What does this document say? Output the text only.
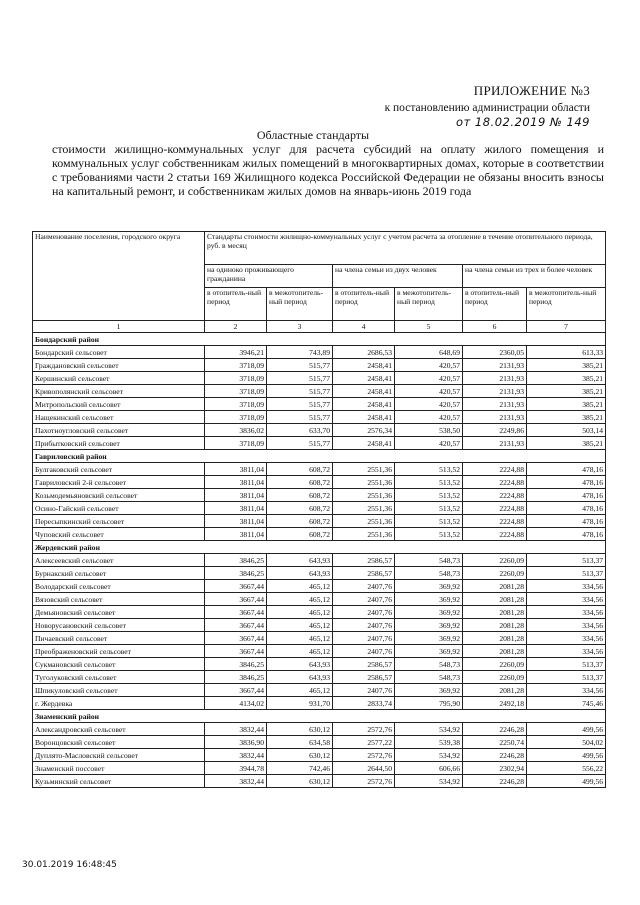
ПРИЛОЖЕНИЕ №3
к постановлению администрации области
от 18.02.2019 № 149
Областные стандарты
стоимости жилищно-коммунальных услуг для расчета субсидий на оплату жилого помещения и коммунальных услуг собственникам жилых помещений в многоквартирных домах, которые в соответствии с требованиями части 2 статьи 169 Жилищного кодекса Российской Федерации не обязаны вносить взносы на капитальный ремонт, и собственникам жилых домов на январь-июнь 2019 года
Наименование поселения, городского округа	Стандарты стоимости жилищно-коммунальных услуг с учетом расчета за отопление в течение отопительного периода, руб. в месяц					
	на одиноко проживающего гражданина		на члена семьи из двух человек		на члена семьи из трех и более человек	
	в отопитель-ный период	в межотопитель-ный период	в отопитель-ный период	в межотопитель-ный период	в отопитель-ный период	в межотопитель-ный период
1	2	3	4	5	6	7
Бондарский район						
Бондарский сельсовет	3946,21	743,89	2686,53	648,69	2360,05	613,33
Граждановский сельсовет	3718,09	515,77	2458,41	420,57	2131,93	385,21
Кершинский сельсовет	3718,09	515,77	2458,41	420,57	2131,93	385,21
Кривополянский сельсовет	3718,09	515,77	2458,41	420,57	2131,93	385,21
Митропольский сельсовет	3718,09	515,77	2458,41	420,57	2131,93	385,21
Нащекинский сельсовет	3718,09	515,77	2458,41	420,57	2131,93	385,21
Пахотноугловский сельсовет	3836,02	633,70	2576,34	538,50	2249,86	503,14
Прибытковский сельсовет	3718,09	515,77	2458,41	420,57	2131,93	385,21
Гавриловский район						
Булгаковский сельсовет	3811,04	608,72	2551,36	513,52	2224,88	478,16
Гавриловский 2-й сельсовет	3811,04	608,72	2551,36	513,52	2224,88	478,16
Козьмодемьяновский сельсовет	3811,04	608,72	2551,36	513,52	2224,88	478,16
Осино-Гайский сельсовет	3811,04	608,72	2551,36	513,52	2224,88	478,16
Пересыпкинский сельсовет	3811,04	608,72	2551,36	513,52	2224,88	478,16
Чуповский сельсовет	3811,04	608,72	2551,36	513,52	2224,88	478,16
Жердевский район						
Алексеевский сельсовет	3846,25	643,93	2586,57	548,73	2260,09	513,37
Бурнакский сельсовет	3846,25	643,93	2586,57	548,73	2260,09	513,37
Володарский сельсовет	3667,44	465,12	2407,76	369,92	2081,28	334,56
Вязовский сельсовет	3667,44	465,12	2407,76	369,92	2081,28	334,56
Демьяновский сельсовет	3667,44	465,12	2407,76	369,92	2081,28	334,56
Новорусановский сельсовет	3667,44	465,12	2407,76	369,92	2081,28	334,56
Пичаевский сельсовет	3667,44	465,12	2407,76	369,92	2081,28	334,56
Преображеновский сельсовет	3667,44	465,12	2407,76	369,92	2081,28	334,56
Сукмановский сельсовет	3846,25	643,93	2586,57	548,73	2260,09	513,37
Туголуковский сельсовет	3846,25	643,93	2586,57	548,73	2260,09	513,37
Шпикуловский сельсовет	3667,44	465,12	2407,76	369,92	2081,28	334,56
г. Жердевка	4134,02	931,70	2833,74	795,90	2492,18	745,46
Знаменский район						
Александровский сельсовет	3832,44	630,12	2572,76	534,92	2246,28	499,56
Воронцовский сельсовет	3836,90	634,58	2577,22	539,38	2250,74	504,02
Дуплято-Масловский сельсовет	3832,44	630,12	2572,76	534,92	2246,28	499,56
Знаменский поссовет	3944,78	742,46	2644,50	606,66	2302,94	556,22
Кузьминский сельсовет	3832,44	630,12	2572,76	534,92	2246,28	499,56
30.01.2019 16:48:45
